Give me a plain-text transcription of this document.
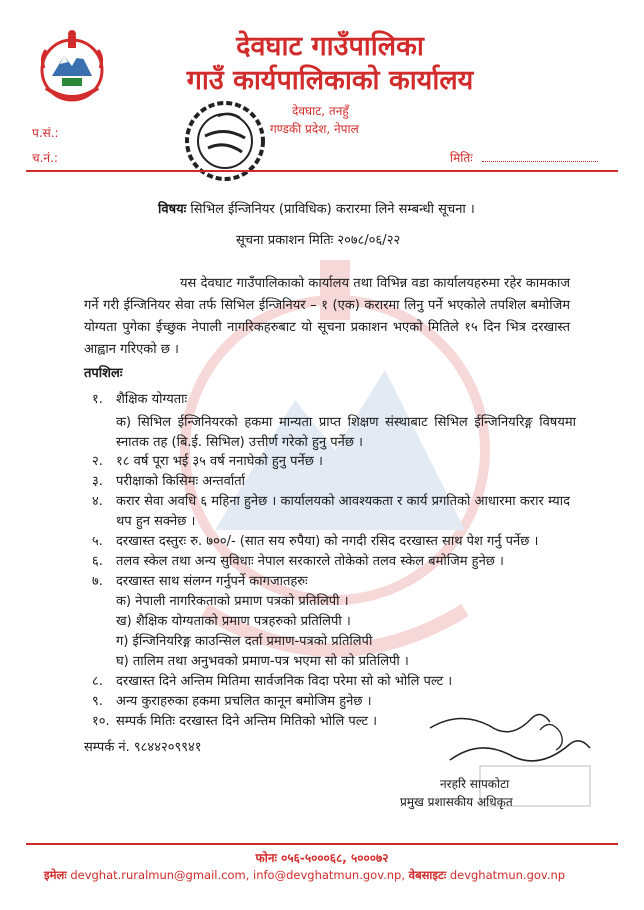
देवघाट गाउँपालिका
गाउँ कार्यपालिकाको कार्यालय
देवघाट, तनहुँ
गण्डकी प्रदेश, नेपाल
प.सं.:
च.नं.:	मितिः
विषयः सिभिल ईन्जिनियर (प्राविधिक) करारमा लिने सम्बन्धी सूचना ।
सूचना प्रकाशन मितिः २०७८/०६/२२
यस देवघाट गाउँपालिकाको कार्यालय तथा विभिन्न वडा कार्यालयहरुमा रहेर कामकाज गर्ने गरी ईन्जिनियर सेवा तर्फ सिभिल ईन्जिनियर – १ (एक) करारमा लिनु पर्ने भएकोले तपशिल बमोजिम योग्यता पुगेका ईच्छुक नेपाली नागरिकहरुबाट यो सूचना प्रकाशन भएको मितिले १५ दिन भित्र दरखास्त आह्वान गरिएको छ ।
तपशिलः
१.	शैक्षिक योग्यताः
क) सिभिल ईन्जिनियरको हकमा मान्यता प्राप्त शिक्षण संस्थाबाट सिभिल ईन्जिनियरिङ्ग विषयमा स्नातक तह (बि.ई. सिभिल) उत्तीर्ण गरेको हुनु पर्नेछ ।
२.	१८ वर्ष पूरा भई ३५ वर्ष ननाघेको हुनु पर्नेछ ।
३.	परीक्षाको किसिमः अन्तर्वार्ता
४.	करार सेवा अवधि ६ महिना हुनेछ । कार्यालयको आवश्यकता र कार्य प्रगतिको आधारमा करार म्याद थप हुन सक्नेछ ।
५.	दरखास्त दस्तुरः रु. ७००/- (सात सय रुपैया) को नगदी रसिद दरखास्त साथ पेश गर्नु पर्नेछ ।
६.	तलव स्केल तथा अन्य सुविधाः नेपाल सरकारले तोकेको तलव स्केल बमोजिम हुनेछ ।
७.	दरखास्त साथ संलग्न गर्नुपर्ने कागजातहरुः
क) नेपाली नागरिकताको प्रमाण पत्रको प्रतिलिपी ।
ख) शैक्षिक योग्यताको प्रमाण पत्रहरुको प्रतिलिपी ।
ग) ईन्जिनियरिङ्ग काउन्सिल दर्ता प्रमाण-पत्रको प्रतिलिपी
घ) तालिम तथा अनुभवको प्रमाण-पत्र भएमा सो को प्रतिलिपी ।
८.	दरखास्त दिने अन्तिम मितिमा सार्वजनिक विदा परेमा सो को भोलि पल्ट ।
९.	अन्य कुराहरुका हकमा प्रचलित कानून बमोजिम हुनेछ ।
१०. सम्पर्क मितिः दरखास्त दिने अन्तिम मितिको भोलि पल्ट ।
सम्पर्क नं. ९८४४२०९९४१
नरहरि सापकोटा
प्रमुख प्रशासकीय अधिकृत
फोनः ०५६-५०००६८, ५०००७२
इमेलः devghat.ruralmun@gmail.com, info@devghatmun.gov.np, वेबसाइटः devghatmun.gov.np
